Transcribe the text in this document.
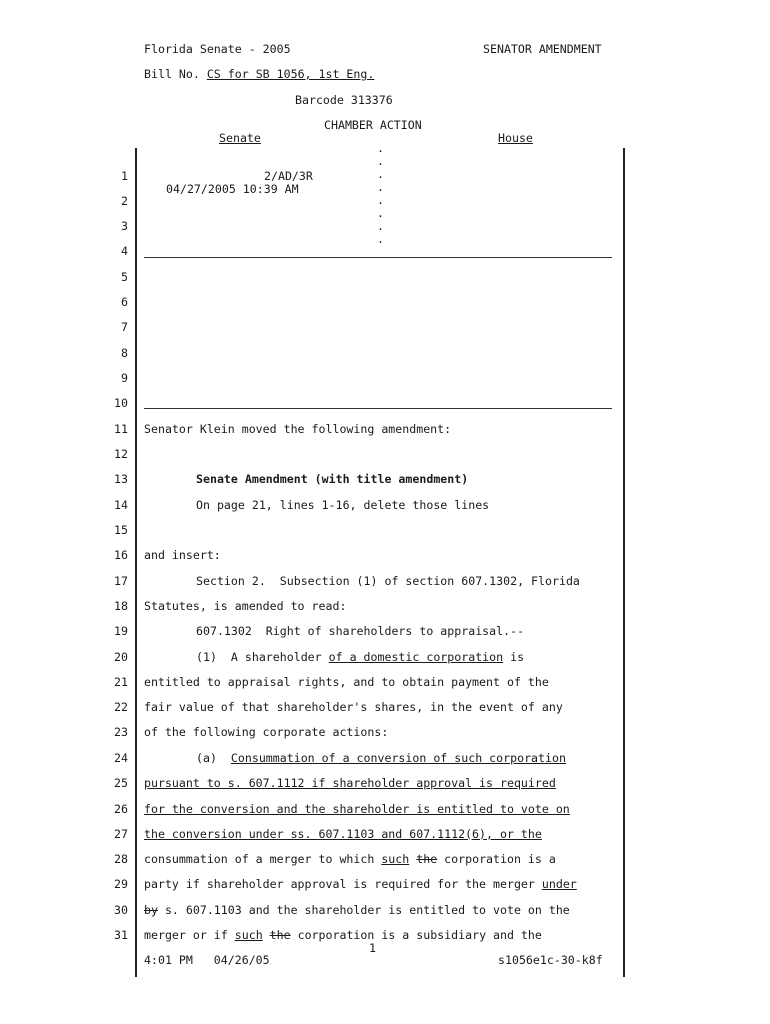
Florida Senate - 2005	SENATOR AMENDMENT
Bill No. CS for SB 1056, 1st Eng.
Barcode 313376
CHAMBER ACTION
Senate	House
2/AD/3R
04/27/2005 10:39 AM
.
.
.
.
.
.
.
.
1
2
3
4
5
6
7
8
9
10
11
12
13
14
15
16
17
18
19
20
21
22
23
24
25
26
27
28
29
30
31
Senator Klein moved the following amendment:
Senate Amendment (with title amendment)
On page 21, lines 1-16, delete those lines
and insert:
Section 2.  Subsection (1) of section 607.1302, Florida
Statutes, is amended to read:
607.1302  Right of shareholders to appraisal.--
(1)  A shareholder of a domestic corporation is
entitled to appraisal rights, and to obtain payment of the
fair value of that shareholder's shares, in the event of any
of the following corporate actions:
(a)  Consummation of a conversion of such corporation
pursuant to s. 607.1112 if shareholder approval is required
for the conversion and the shareholder is entitled to vote on
the conversion under ss. 607.1103 and 607.1112(6), or the
consummation of a merger to which such the corporation is a
party if shareholder approval is required for the merger under
by s. 607.1103 and the shareholder is entitled to vote on the
merger or if such the corporation is a subsidiary and the
1
4:01 PM   04/26/05	s1056e1c-30-k8f
